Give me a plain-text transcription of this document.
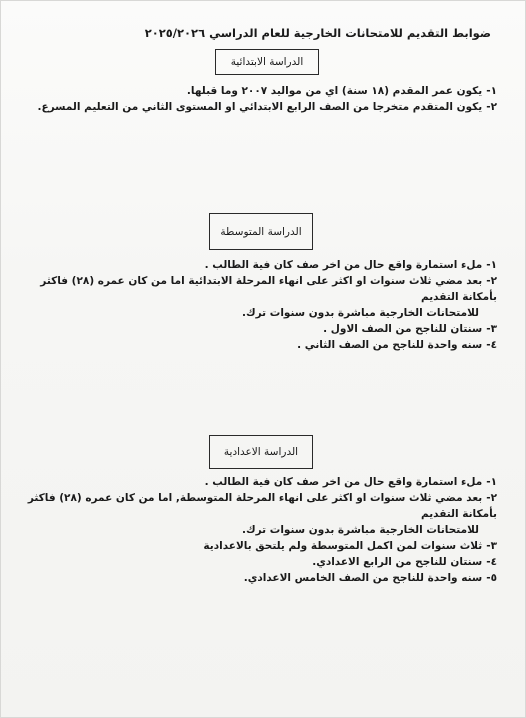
ضوابط التقديم للامتحانات الخارجية للعام الدراسي ٢٠٢٥/٢٠٢٦
الدراسة الابتدائية
١-يكون عمر المقدم (١٨ سنة) اي من مواليد ٢٠٠٧ وما قبلها.
٢-يكون المتقدم متخرجا من الصف الرابع الابتدائي او المستوى الثاني من التعليم المسرع.
الدراسة المتوسطة
١-ملء استمارة واقع حال من اخر صف كان فية الطالب .
٢-بعد مضي ثلاث سنوات او اكثر على انهاء المرحلة الابتدائية اما من كان عمره (٢٨) فاكثر بأمكانة التقديم
للامتحانات الخارجية مباشرة بدون سنوات ترك.
٣-سنتان للناجح من الصف الاول .
٤-سنه واحدة للناجح من الصف الثاني .
الدراسة الاعدادية
١-ملء استمارة واقع حال من اخر صف كان فية الطالب .
٢-بعد مضي ثلاث سنوات او اكثر على انهاء المرحلة المتوسطة, اما من كان عمره (٢٨) فاكثر بأمكانة التقديم
للامتحانات الخارجية مباشرة بدون سنوات ترك.
٣-ثلاث سنوات لمن اكمل المتوسطة ولم يلتحق بالاعدادية
٤-سنتان للناجح من الرابع الاعدادي.
٥-سنه واحدة للناجح من الصف الخامس الاعدادي.
